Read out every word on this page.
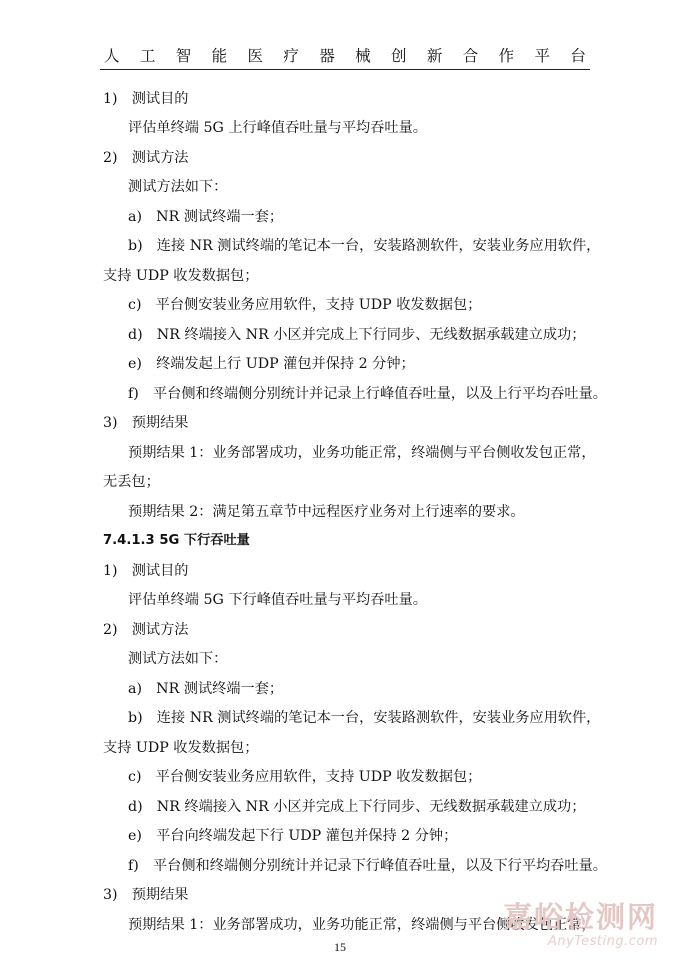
人 工 智 能 医 疗 器 械 创 新 合 作 平 台
1)　测试目的
评估单终端 5G 上行峰值吞吐量与平均吞吐量。
2)　测试方法
测试方法如下：
a)　NR 测试终端一套；
b)　连接 NR 测试终端的笔记本一台，安装路测软件，安装业务应用软件，
支持 UDP 收发数据包；
c)　平台侧安装业务应用软件，支持 UDP 收发数据包；
d)　NR 终端接入 NR 小区并完成上下行同步、无线数据承载建立成功；
e)　终端发起上行 UDP 灌包并保持 2 分钟；
f)　平台侧和终端侧分别统计并记录上行峰值吞吐量，以及上行平均吞吐量。
3)　预期结果
预期结果 1：业务部署成功，业务功能正常，终端侧与平台侧收发包正常，
无丢包；
预期结果 2：满足第五章节中远程医疗业务对上行速率的要求。
7.4.1.3 5G 下行吞吐量
1)　测试目的
评估单终端 5G 下行峰值吞吐量与平均吞吐量。
2)　测试方法
测试方法如下：
a)　NR 测试终端一套；
b)　连接 NR 测试终端的笔记本一台，安装路测软件，安装业务应用软件，
支持 UDP 收发数据包；
c)　平台侧安装业务应用软件，支持 UDP 收发数据包；
d)　NR 终端接入 NR 小区并完成上下行同步、无线数据承载建立成功；
e)　平台向终端发起下行 UDP 灌包并保持 2 分钟；
f)　平台侧和终端侧分别统计并记录下行峰值吞吐量，以及下行平均吞吐量。
3)　预期结果
预期结果 1：业务部署成功，业务功能正常，终端侧与平台侧收发包正常，
15
嘉峪检测网
AnyTesting.com
